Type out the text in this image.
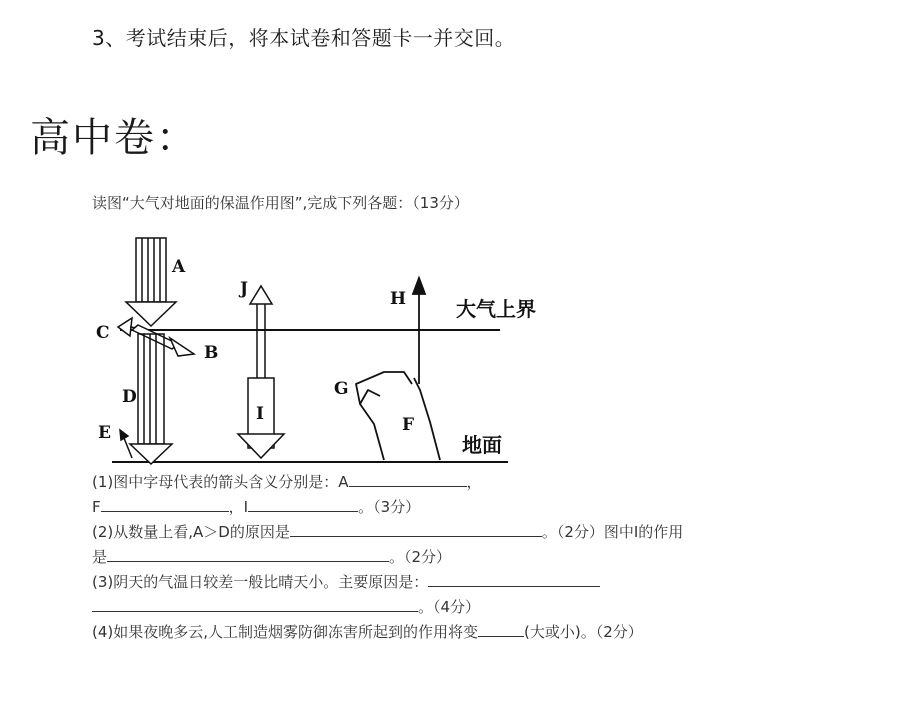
3、考试结束后，将本试卷和答题卡一并交回。
高中卷：
读图“大气对地面的保温作用图”,完成下列各题：（13分）
A
C
B
D
E
J
I
H
G
F
大气上界
地面
(1)图中字母代表的箭头含义分别是：A	，
F	，I	。（3分）
(2)从数量上看,A＞D的原因是	。（2分）图中I的作用
是	。（2分）
(3)阴天的气温日较差一般比晴天小。主要原因是：
。（4分）
(4)如果夜晚多云,人工制造烟雾防御冻害所起到的作用将变	(大或小)。（2分）
